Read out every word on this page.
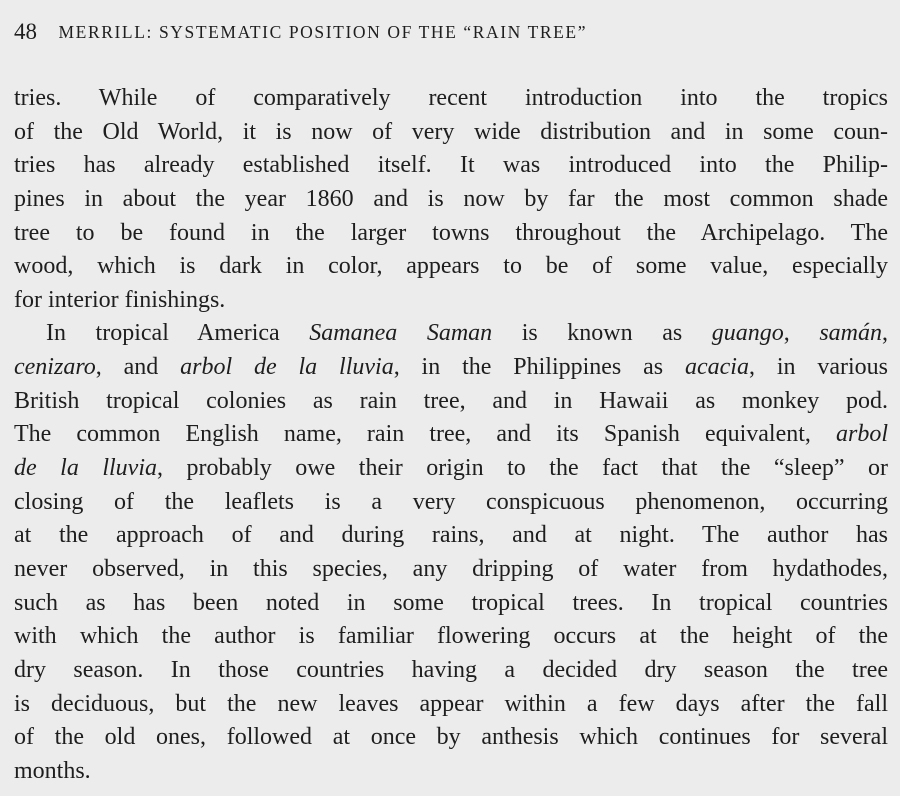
48 MERRILL: SYSTEMATIC POSITION OF THE “RAIN TREE”
tries. While of comparatively recent introduction into the tropics
of the Old World, it is now of very wide distribution and in some coun-
tries has already established itself. It was introduced into the Philip-
pines in about the year 1860 and is now by far the most common shade
tree to be found in the larger towns throughout the Archipelago. The
wood, which is dark in color, appears to be of some value, especially
for interior finishings.
In tropical America Samanea Saman is known as guango, samán,
cenizaro, and arbol de la lluvia, in the Philippines as acacia, in various
British tropical colonies as rain tree, and in Hawaii as monkey pod.
The common English name, rain tree, and its Spanish equivalent, arbol
de la lluvia, probably owe their origin to the fact that the “sleep” or
closing of the leaflets is a very conspicuous phenomenon, occurring
at the approach of and during rains, and at night. The author has
never observed, in this species, any dripping of water from hydathodes,
such as has been noted in some tropical trees. In tropical countries
with which the author is familiar flowering occurs at the height of the
dry season. In those countries having a decided dry season the tree
is deciduous, but the new leaves appear within a few days after the fall
of the old ones, followed at once by anthesis which continues for several
months.
